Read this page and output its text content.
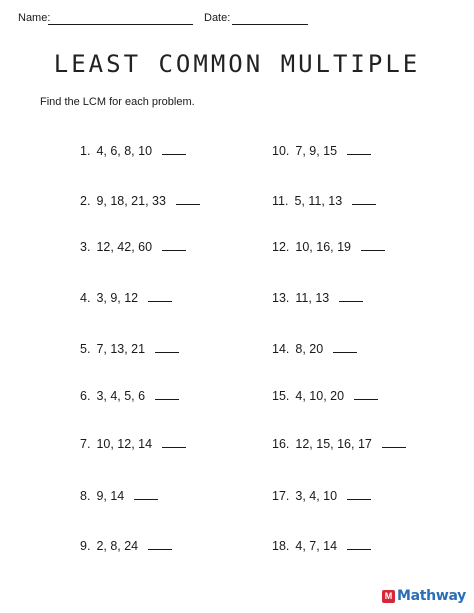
Name:	Date:
LEAST COMMON MULTIPLE
Find the LCM for each problem.
1. 4, 6, 8, 10
2. 9, 18, 21, 33
3. 12, 42, 60
4. 3, 9, 12
5. 7, 13, 21
6. 3, 4, 5, 6
7. 10, 12, 14
8. 9, 14
9. 2, 8, 24
10. 7, 9, 15
11. 5, 11, 13
12. 10, 16, 19
13. 11, 13
14. 8, 20
15. 4, 10, 20
16. 12, 15, 16, 17
17. 3, 4, 10
18. 4, 7, 14
M Mathway
